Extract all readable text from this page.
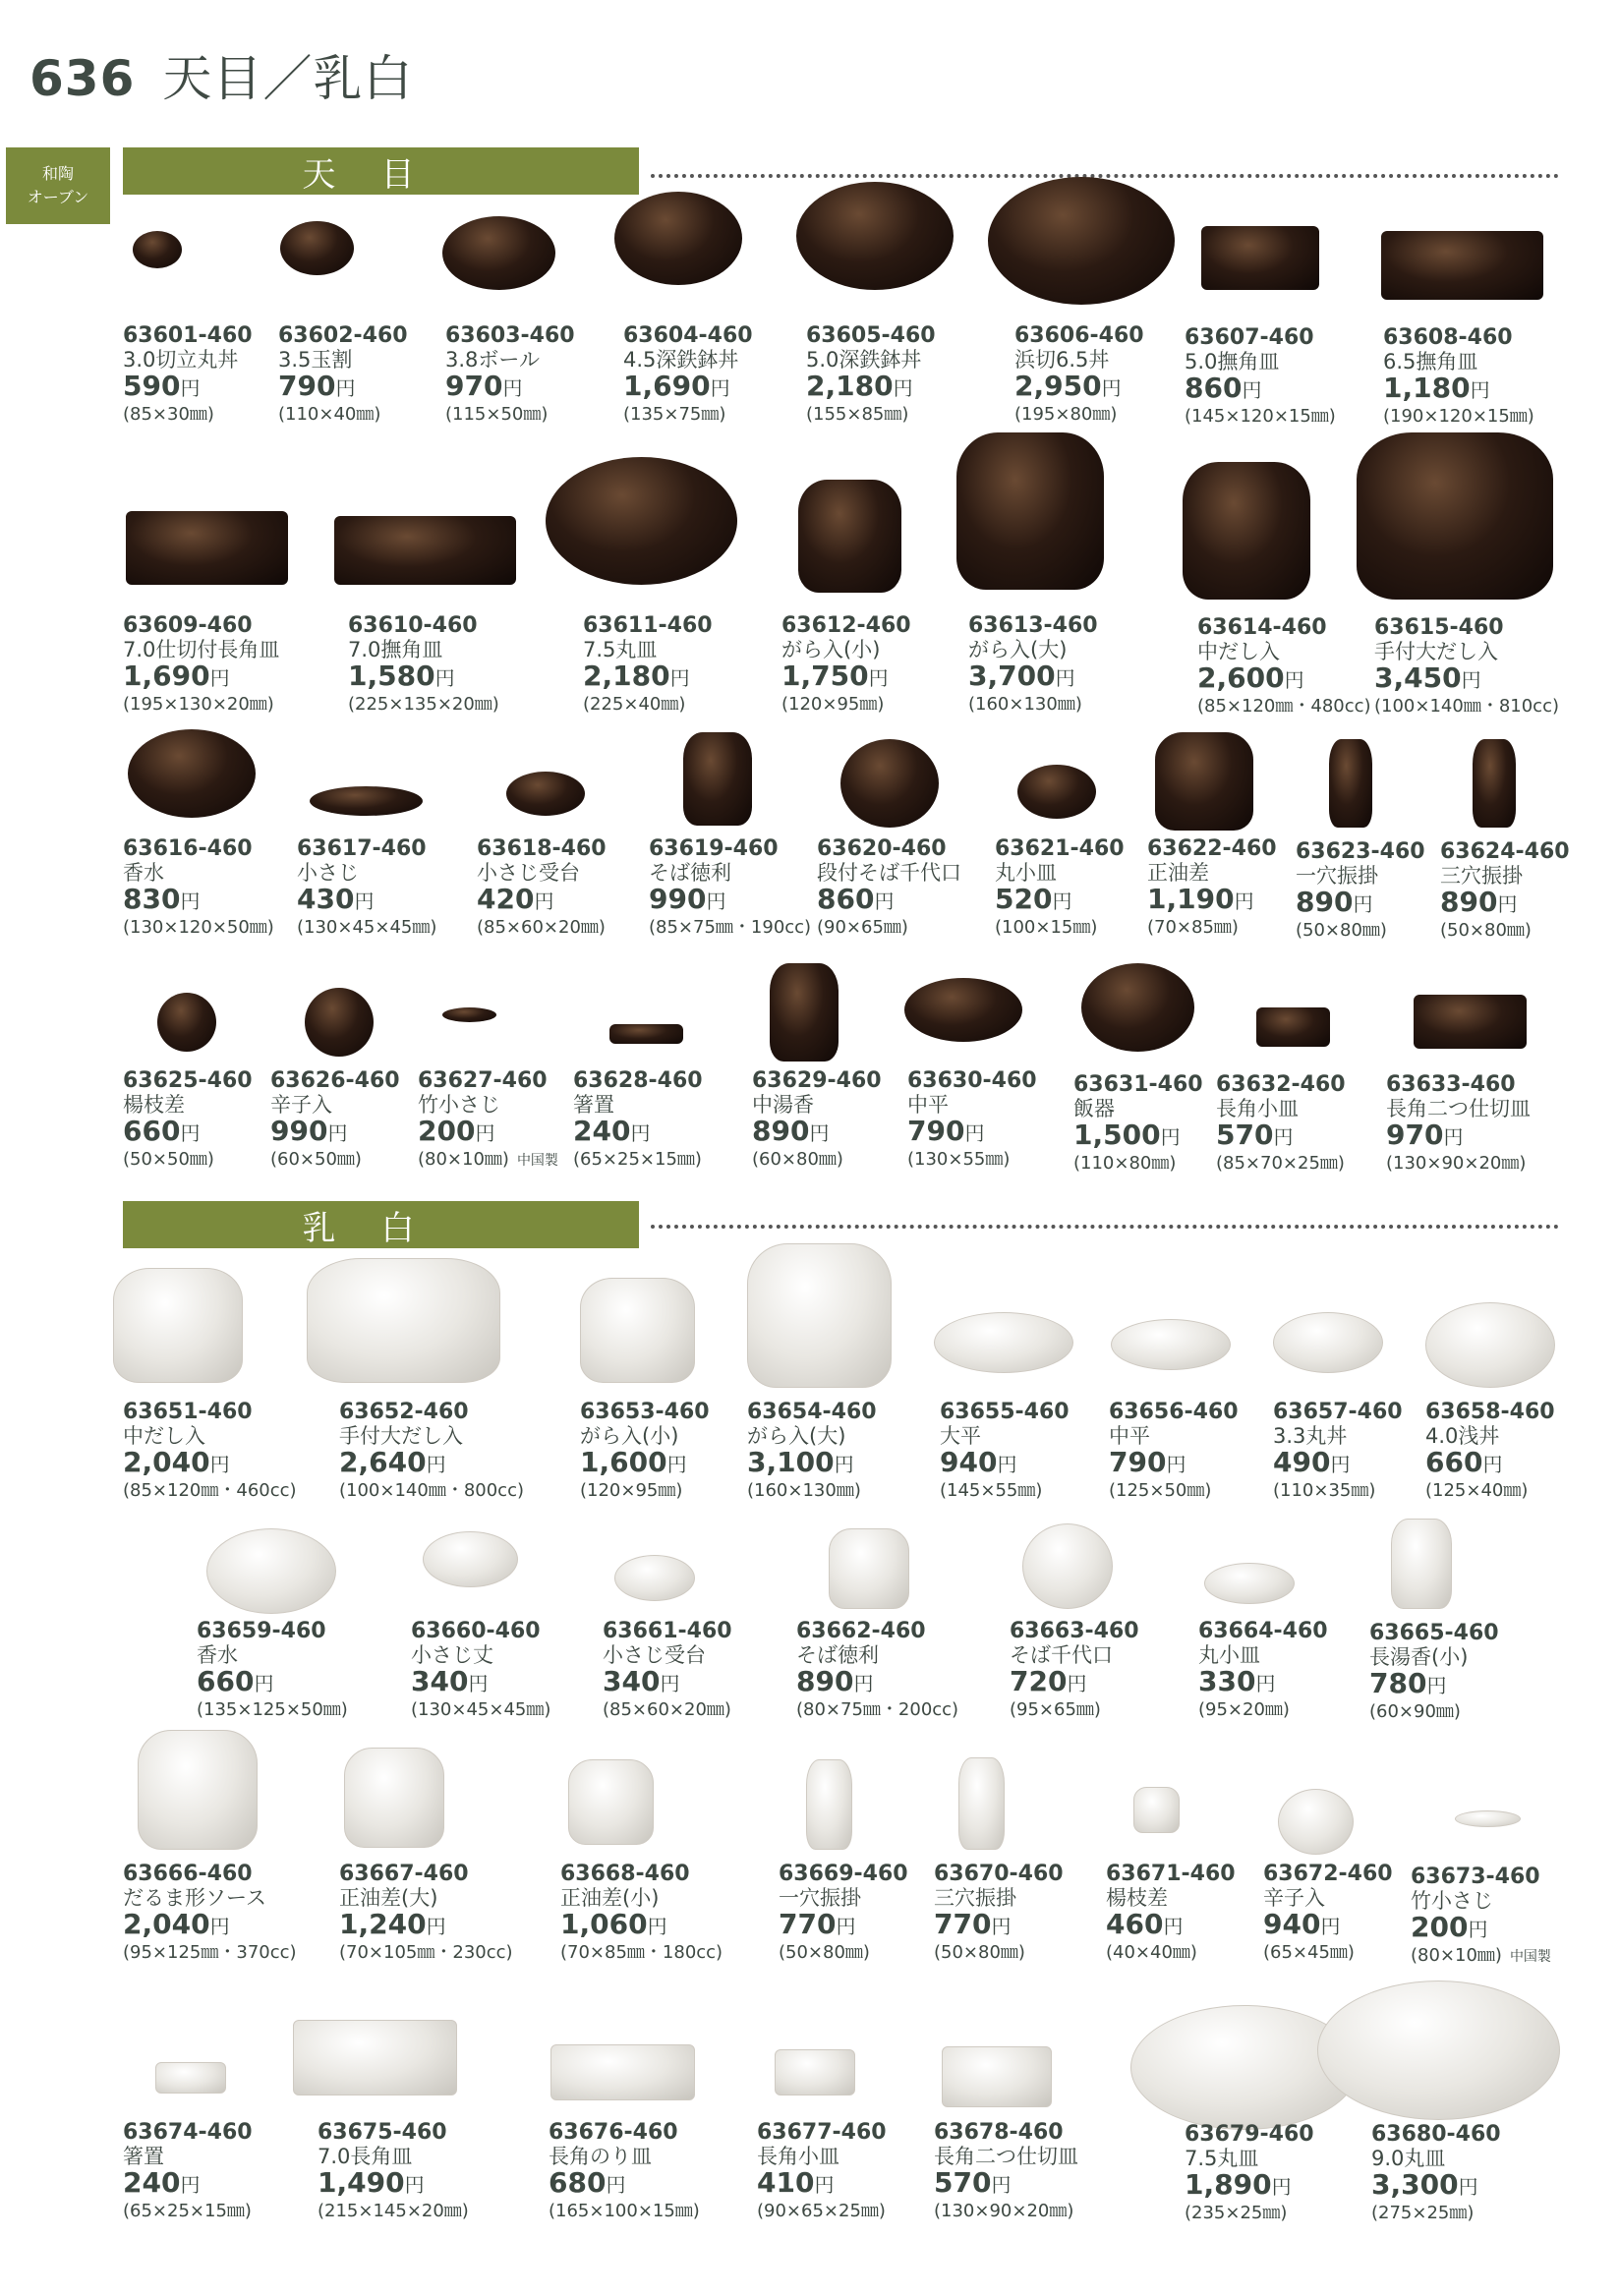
636 天目／乳白
和陶
オーブン
天目
乳白
63601-460
3.0切立丸丼
590円
(85×30㎜)
63602-460
3.5玉割
790円
(110×40㎜)
63603-460
3.8ボール
970円
(115×50㎜)
63604-460
4.5深鉄鉢丼
1,690円
(135×75㎜)
63605-460
5.0深鉄鉢丼
2,180円
(155×85㎜)
63606-460
浜切6.5丼
2,950円
(195×80㎜)
63607-460
5.0撫角皿
860円
(145×120×15㎜)
63608-460
6.5撫角皿
1,180円
(190×120×15㎜)
63609-460
7.0仕切付長角皿
1,690円
(195×130×20㎜)
63610-460
7.0撫角皿
1,580円
(225×135×20㎜)
63611-460
7.5丸皿
2,180円
(225×40㎜)
63612-460
がら入(小)
1,750円
(120×95㎜)
63613-460
がら入(大)
3,700円
(160×130㎜)
63614-460
中だし入
2,600円
(85×120㎜・480cc)
63615-460
手付大だし入
3,450円
(100×140㎜・810cc)
63616-460
香水
830円
(130×120×50㎜)
63617-460
小さじ
430円
(130×45×45㎜)
63618-460
小さじ受台
420円
(85×60×20㎜)
63619-460
そば徳利
990円
(85×75㎜・190cc)
63620-460
段付そば千代口
860円
(90×65㎜)
63621-460
丸小皿
520円
(100×15㎜)
63622-460
正油差
1,190円
(70×85㎜)
63623-460
一穴振掛
890円
(50×80㎜)
63624-460
三穴振掛
890円
(50×80㎜)
63625-460
楊枝差
660円
(50×50㎜)
63626-460
辛子入
990円
(60×50㎜)
63627-460
竹小さじ
200円
(80×10㎜) 中国製
63628-460
箸置
240円
(65×25×15㎜)
63629-460
中湯香
890円
(60×80㎜)
63630-460
中平
790円
(130×55㎜)
63631-460
飯器
1,500円
(110×80㎜)
63632-460
長角小皿
570円
(85×70×25㎜)
63633-460
長角二つ仕切皿
970円
(130×90×20㎜)
63651-460
中だし入
2,040円
(85×120㎜・460cc)
63652-460
手付大だし入
2,640円
(100×140㎜・800cc)
63653-460
がら入(小)
1,600円
(120×95㎜)
63654-460
がら入(大)
3,100円
(160×130㎜)
63655-460
大平
940円
(145×55㎜)
63656-460
中平
790円
(125×50㎜)
63657-460
3.3丸丼
490円
(110×35㎜)
63658-460
4.0浅丼
660円
(125×40㎜)
63659-460
香水
660円
(135×125×50㎜)
63660-460
小さじ丈
340円
(130×45×45㎜)
63661-460
小さじ受台
340円
(85×60×20㎜)
63662-460
そば徳利
890円
(80×75㎜・200cc)
63663-460
そば千代口
720円
(95×65㎜)
63664-460
丸小皿
330円
(95×20㎜)
63665-460
長湯香(小)
780円
(60×90㎜)
63666-460
だるま形ソース
2,040円
(95×125㎜・370cc)
63667-460
正油差(大)
1,240円
(70×105㎜・230cc)
63668-460
正油差(小)
1,060円
(70×85㎜・180cc)
63669-460
一穴振掛
770円
(50×80㎜)
63670-460
三穴振掛
770円
(50×80㎜)
63671-460
楊枝差
460円
(40×40㎜)
63672-460
辛子入
940円
(65×45㎜)
63673-460
竹小さじ
200円
(80×10㎜) 中国製
63674-460
箸置
240円
(65×25×15㎜)
63675-460
7.0長角皿
1,490円
(215×145×20㎜)
63676-460
長角のり皿
680円
(165×100×15㎜)
63677-460
長角小皿
410円
(90×65×25㎜)
63678-460
長角二つ仕切皿
570円
(130×90×20㎜)
63679-460
7.5丸皿
1,890円
(235×25㎜)
63680-460
9.0丸皿
3,300円
(275×25㎜)
